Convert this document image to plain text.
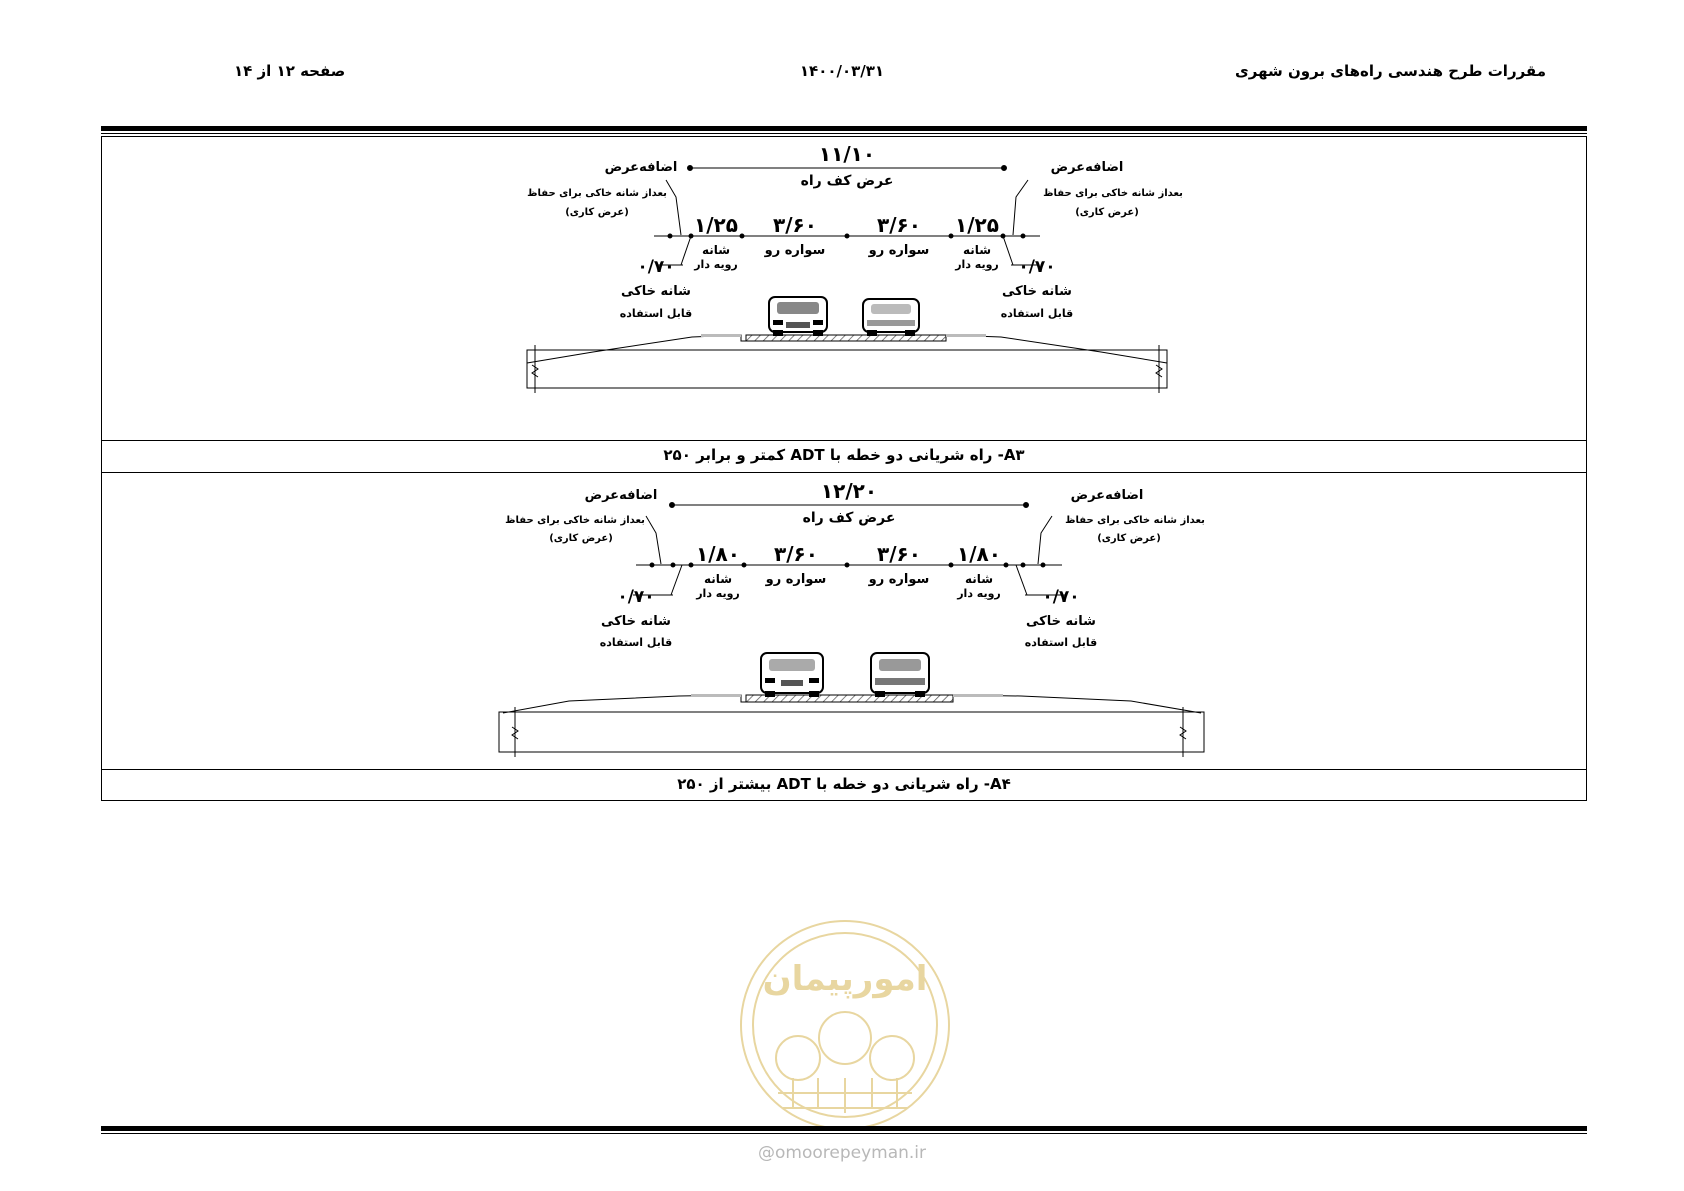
مقررات طرح هندسی راه‌های برون شهری
۱۴۰۰/۰۳/۳۱
صفحه ۱۲ از ۱۴
۱۱/۱۰
عرض کف راه
۱/۲۵ ۳/۶۰	۳/۶۰ ۱/۲۵
سواره رو	سواره رو
شانه
رویه دار
شانه
رویه دار
۰/۷۰	۰/۷۰
شانه خاکی
قابل استفاده
شانه خاکی
قابل استفاده
اضافه‌عرض
بعداز شانه خاکی برای حفاظ
(عرض کاری)
اضافه‌عرض
بعداز شانه خاکی برای حفاظ
(عرض کاری)
A۳- راه شریانی دو خطه با ADT کمتر و برابر ۲۵۰
۱۲/۲۰
عرض کف راه
۱/۸۰ ۳/۶۰	۳/۶۰ ۱/۸۰
سواره رو	سواره رو
شانه
رویه دار
شانه
رویه دار
۰/۷۰	۰/۷۰
شانه خاکی
قابل استفاده
شانه خاکی
قابل استفاده
اضافه‌عرض
بعداز شانه خاکی برای حفاظ
(عرض کاری)
اضافه‌عرض
بعداز شانه خاکی برای حفاظ
(عرض کاری)
A۴- راه شریانی دو خطه با ADT بیشتر از ۲۵۰
امورپیمان
@omoorepeyman.ir
